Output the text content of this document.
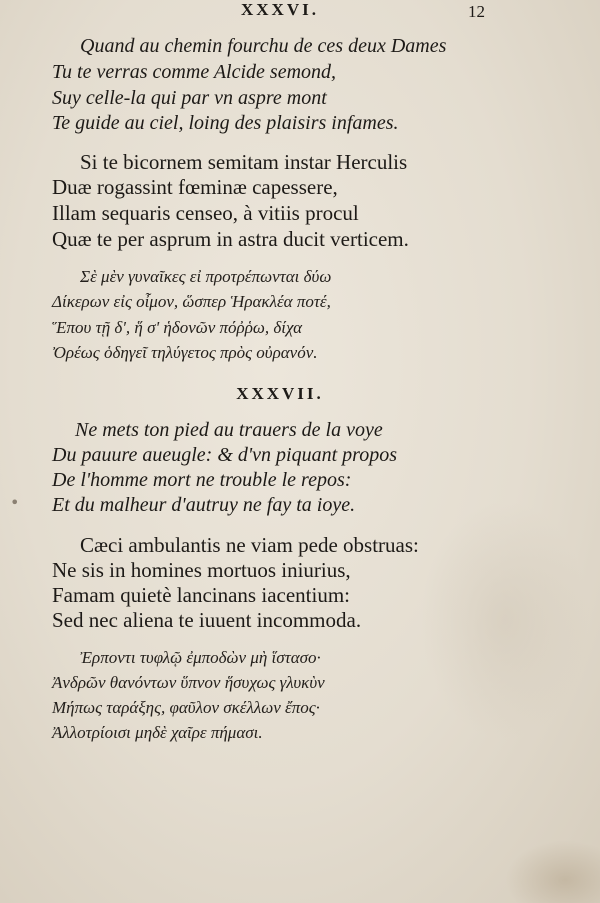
XXXVI.	12
Quand au chemin fourchu de ces deux Dames
Tu te verras comme Alcide semond,
Suy celle-la qui par vn aspre mont
Te guide au ciel, loing des plaisirs infames.
Si te bicornem semitam instar Herculis
Duæ rogassint fœminæ capessere,
Illam sequaris censeo, à vitiis procul
Quæ te per asprum in astra ducit verticem.
Σὲ μὲν γυναῖκες εἰ προτρέπωνται δύω
Δίκερων εἰς οἶμον, ὥσπερ Ἡρακλέα ποτέ,
Ἕπου τῇ δ', ἥ σ' ἡδονῶν πόῤῥω, δίχα
Ὀρέως ὁδηγεῖ τηλύγετος πρὸς οὐρανόν.
XXXVII.
Ne mets ton pied au trauers de la voye
Du pauure aueugle: & d'vn piquant propos
De l'homme mort ne trouble le repos:
Et du malheur d'autruy ne fay ta ioye.
•
Cæci ambulantis ne viam pede obstruas:
Ne sis in homines mortuos iniurius,
Famam quietè lancinans iacentium:
Sed nec aliena te iuuent incommoda.
Ἐρποντι τυφλῷ ἐμποδὼν μὴ ἵστασο·
Ἀνδρῶν θανόντων ὕπνον ἥσυχως γλυκὺν
Μήπως ταράξης, φαῦλον σκέλλων ἔπος·
Ἀλλοτρίοισι μηδὲ χαῖρε πήμασι.
